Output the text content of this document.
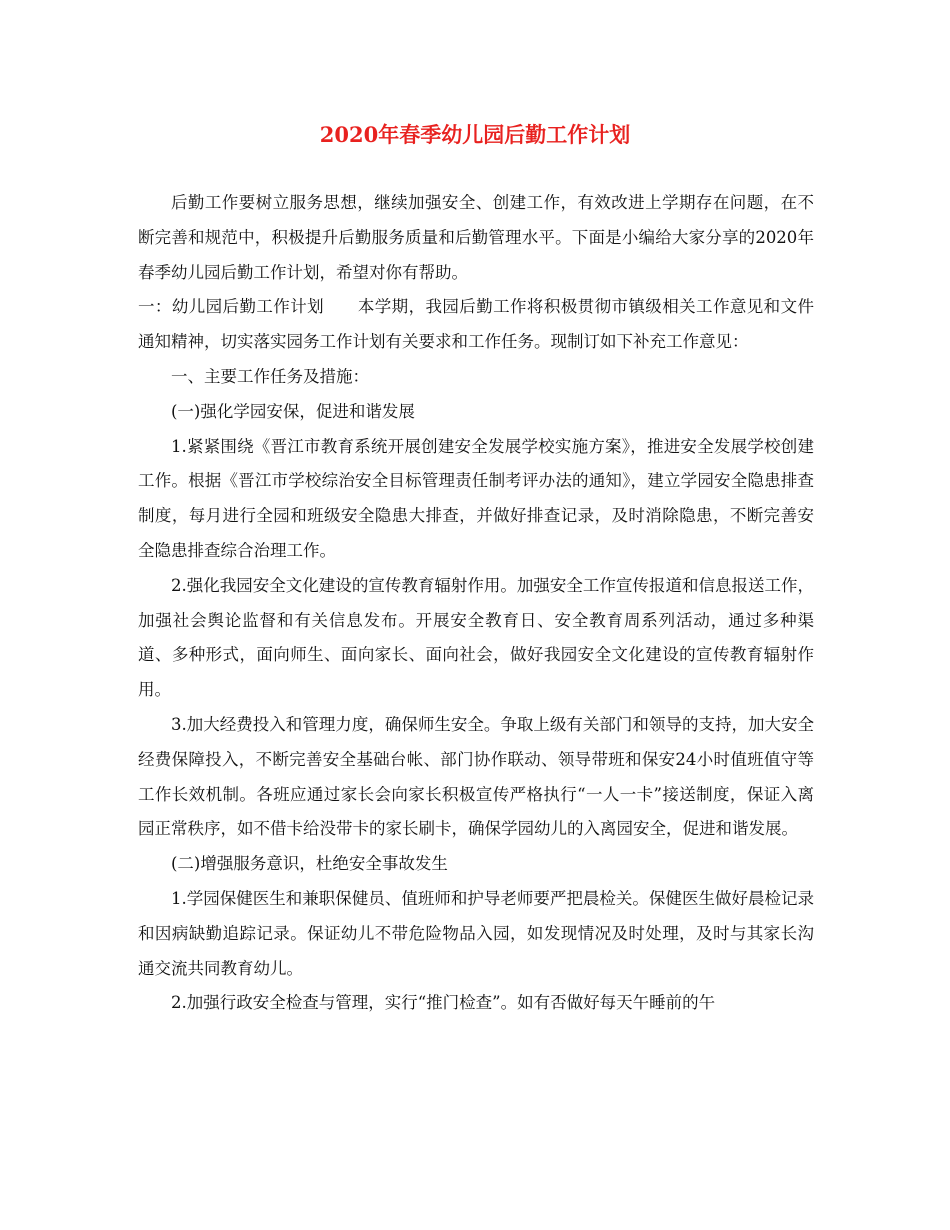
2020年春季幼儿园后勤工作计划

后勤工作要树立服务思想，继续加强安全、创建工作，有效改进上学期存在问题，在不断完善和规范中，积极提升后勤服务质量和后勤管理水平。下面是小编给大家分享的2020年春季幼儿园后勤工作计划，希望对你有帮助。

一：幼儿园后勤工作计划　　本学期，我园后勤工作将积极贯彻市镇级相关工作意见和文件通知精神，切实落实园务工作计划有关要求和工作任务。现制订如下补充工作意见：

一、主要工作任务及措施：

(一)强化学园安保，促进和谐发展

1.紧紧围绕《晋江市教育系统开展创建安全发展学校实施方案》，推进安全发展学校创建工作。根据《晋江市学校综治安全目标管理责任制考评办法的通知》，建立学园安全隐患排查制度，每月进行全园和班级安全隐患大排查，并做好排查记录，及时消除隐患，不断完善安全隐患排查综合治理工作。

2.强化我园安全文化建设的宣传教育辐射作用。加强安全工作宣传报道和信息报送工作，加强社会舆论监督和有关信息发布。开展安全教育日、安全教育周系列活动，通过多种渠道、多种形式，面向师生、面向家长、面向社会，做好我园安全文化建设的宣传教育辐射作用。

3.加大经费投入和管理力度，确保师生安全。争取上级有关部门和领导的支持，加大安全经费保障投入，不断完善安全基础台帐、部门协作联动、领导带班和保安24小时值班值守等工作长效机制。各班应通过家长会向家长积极宣传严格执行“一人一卡”接送制度，保证入离园正常秩序，如不借卡给没带卡的家长刷卡，确保学园幼儿的入离园安全，促进和谐发展。

(二)增强服务意识，杜绝安全事故发生

1.学园保健医生和兼职保健员、值班师和护导老师要严把晨检关。保健医生做好晨检记录和因病缺勤追踪记录。保证幼儿不带危险物品入园，如发现情况及时处理，及时与其家长沟通交流共同教育幼儿。

2.加强行政安全检查与管理，实行“推门检查”。如有否做好每天午睡前的午
